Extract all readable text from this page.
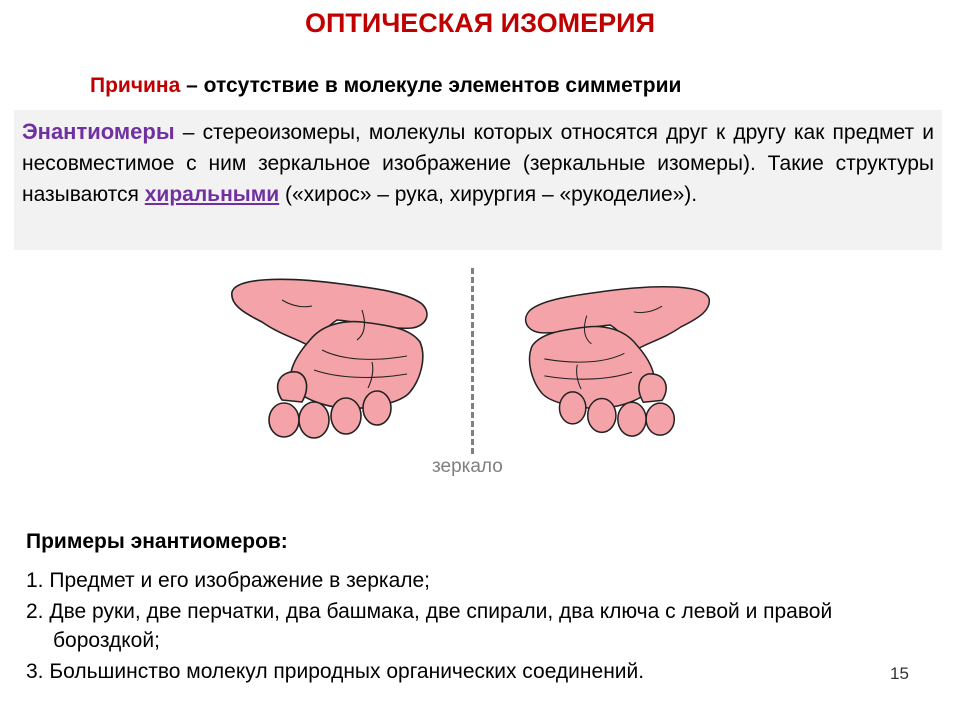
ОПТИЧЕСКАЯ ИЗОМЕРИЯ
Причина – отсутствие в молекуле элементов симметрии
Энантиомеры – стереоизомеры, молекулы которых относятся друг к другу как предмет и несовместимое с ним зеркальное изображение (зеркальные изомеры). Такие структуры называются хиральными («хирос» – рука, хирургия – «рукоделие»).
зеркало
Примеры энантиомеров:
1. Предмет и его изображение в зеркале;
2. Две руки, две перчатки, два башмака, две спирали, два ключа с левой и правой бороздкой;
3. Большинство молекул природных органических соединений.	15
